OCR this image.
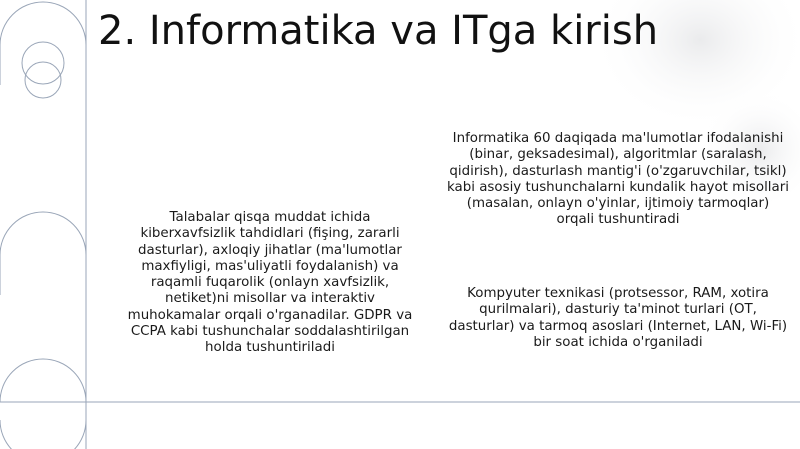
2. Informatika va ITga kirish

Talabalar qisqa muddat ichida kiberxavfsizlik tahdidlari (fişing, zararli dasturlar), axloqiy jihatlar (ma'lumotlar maxfiyligi, mas'uliyatli foydalanish) va raqamli fuqarolik (onlayn xavfsizlik, netiket)ni misollar va interaktiv muhokamalar orqali o'rganadilar. GDPR va CCPA kabi tushunchalar soddalashtirilgan holda tushuntiriladi

Informatika 60 daqiqada ma'lumotlar ifodalanishi (binar, geksadesimal), algoritmlar (saralash, qidirish), dasturlash mantig'i (o'zgaruvchilar, tsikl) kabi asosiy tushunchalarni kundalik hayot misollari (masalan, onlayn o'yinlar, ijtimoiy tarmoqlar) orqali tushuntiradi

Kompyuter texnikasi (protsessor, RAM, xotira qurilmalari), dasturiy ta'minot turlari (OT, dasturlar) va tarmoq asoslari (Internet, LAN, Wi-Fi) bir soat ichida o'rganiladi
